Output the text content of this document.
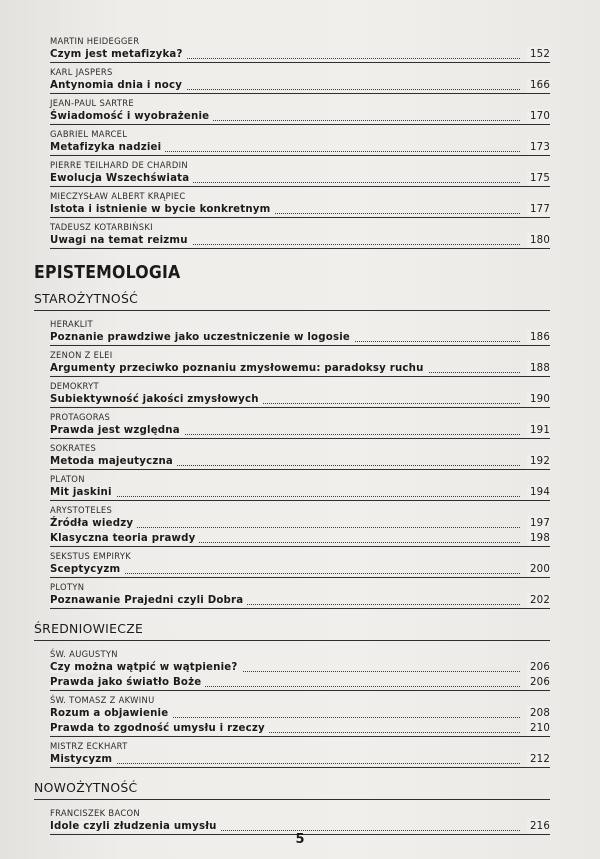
MARTIN HEIDEGGER
Czym jest metafizyka?	152
KARL JASPERS
Antynomia dnia i nocy	166
JEAN-PAUL SARTRE
Świadomość i wyobrażenie	170
GABRIEL MARCEL
Metafizyka nadziei	173
PIERRE TEILHARD DE CHARDIN
Ewolucja Wszechświata	175
MIECZYSŁAW ALBERT KRĄPIEC
Istota i istnienie w bycie konkretnym	177
TADEUSZ KOTARBIŃSKI
Uwagi na temat reizmu	180
EPISTEMOLOGIA
STAROŻYTNOŚĆ
HERAKLIT
Poznanie prawdziwe jako uczestniczenie w logosie	186
ZENON Z ELEI
Argumenty przeciwko poznaniu zmysłowemu: paradoksy ruchu	188
DEMOKRYT
Subiektywność jakości zmysłowych	190
PROTAGORAS
Prawda jest względna	191
SOKRATES
Metoda majeutyczna	192
PLATON
Mit jaskini	194
ARYSTOTELES
Źródła wiedzy	197
Klasyczna teoria prawdy	198
SEKSTUS EMPIRYK
Sceptycyzm	200
PLOTYN
Poznawanie Prajedni czyli Dobra	202
ŚREDNIOWIECZE
ŚW. AUGUSTYN
Czy można wątpić w wątpienie?	206
Prawda jako światło Boże	206
ŚW. TOMASZ Z AKWINU
Rozum a objawienie	208
Prawda to zgodność umysłu i rzeczy	210
MISTRZ ECKHART
Mistycyzm	212
NOWOŻYTNOŚĆ
FRANCISZEK BACON
Idole czyli złudzenia umysłu	216
5
